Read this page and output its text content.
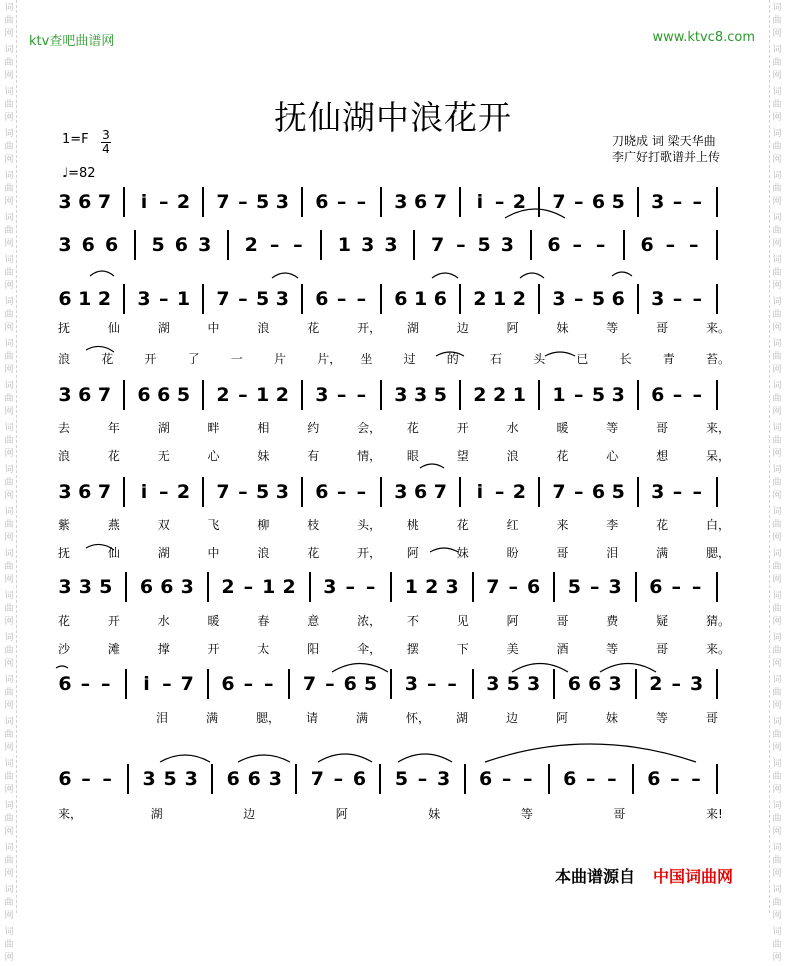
词
曲
网
词
曲
网
词
曲
网
词
曲
网
词
曲
网
词
曲
网
词
曲
网
词
曲
网
词
曲
网
词
曲
网
词
曲
网
词
曲
网
词
曲
网
词
曲
网
词
曲
网
词
曲
网
词
曲
网
词
曲
网
词
曲
网
词
曲
网
词
曲
网
词
曲
网
词
曲
网
词
曲
网
词
曲
网
词
曲
网
词
曲
网
词
曲
网
词
曲
网
词
曲
网
词
曲
网
词
曲
网
词
曲
网
词
曲
网
词
曲
网
词
曲
网
词
曲
网
词
曲
网
词
曲
网
词
曲
网
词
曲
网
词
曲
网
词
曲
网
词
曲
网
词
曲
网
词
曲
网
ktv查吧曲谱网	www.ktvc8.com
抚仙湖中浪花开
1=F 3
4
♩=82
刀晓成 词 梁天华曲
李广好打歌谱并上传
3 6 7 i – 2 7 – 5 3 6 – – 3 6 7 i – 2 7 – 6 5 3 – –
3 6 6 5 6 3 2 – – 1 3 3 7 – 5 3 6 – – 6 – –
6 1 2 3 – 1 7 – 5 3 6 – – 6 1 6 2 1 2 3 – 5 6 3 – –
3 6 7 6 6 5 2 – 1 2 3 – – 3 3 5 2 2 1 1 – 5 3 6 – –
3 6 7 i – 2 7 – 5 3 6 – – 3 6 7 i – 2 7 – 6 5 3 – –
3 3 5 6 6 3 2 – 1 2 3 – – 1 2 3 7 – 6 5 – 3 6 – –
6 – – i – 7 6 – – 7 – 6 5 3 – – 3 5 3 6 6 3 2 – 3
6 – – 3 5 3 6 6 3 7 – 6 5 – 3 6 – – 6 – – 6 – –
抚	仙	湖	中	浪	花	开， 湖	边	阿	妹	等	哥	来。
浪	花	开	了	一	片	片， 坐	过	的	石	头	已	长	青	苔。
去	年	湖	畔	相	约	会， 花	开	水	暖	等	哥	来，
浪	花	无	心	妹	有	情， 眼	望	浪	花	心	想	呆，
紫	燕	双	飞	柳	枝	头， 桃	花	红	来	李	花	白，
抚	仙	湖	中	浪	花	开， 阿	妹	盼	哥	泪	满	腮，
花	开	水	暖	春	意	浓， 不	见	阿	哥	费	疑	猜。
沙	滩	撑	开	太	阳	伞， 摆	下	美	酒	等	哥	来。
泪	满	腮， 请	满	怀， 湖	边	阿	妹	等	哥
来，	湖	边	阿	妹	等	哥	来!
本曲谱源自 中国词曲网
